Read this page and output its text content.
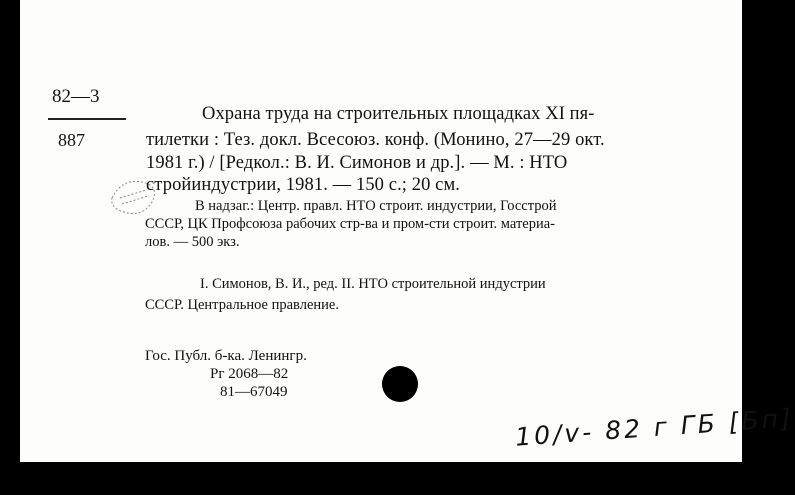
82—3
887
Охрана труда на строительных площадках XI пя-
тилетки : Тез. докл. Всесоюз. конф. (Монино, 27—29 окт.
1981 г.) / [Редкол.: В. И. Симонов и др.]. — М. : НТО
стройиндустрии, 1981. — 150 с.; 20 см.
В надзаг.: Центр. правл. НТО строит. индустрии, Госстрой
СССР, ЦК Профсоюза рабочих стр-ва и пром-сти строит. материа-
лов. — 500 экз.
I. Симонов, В. И., ред. II. НТО строительной индустрии
СССР. Центральное правление.
Гос. Публ. б-ка. Ленингр.
Рг 2068—82
81—67049
10/v- 82 г ГБ [Бп]
